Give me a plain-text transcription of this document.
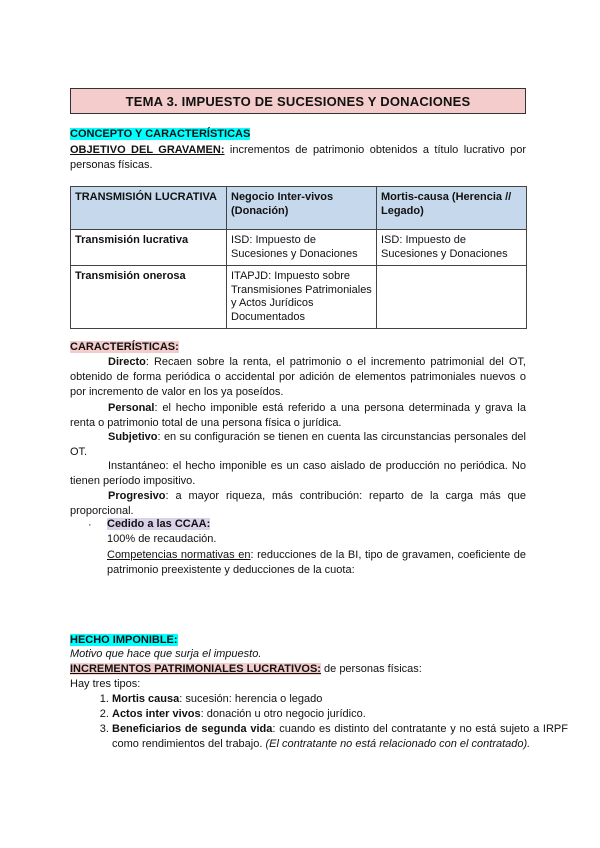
TEMA 3. IMPUESTO DE SUCESIONES Y DONACIONES
CONCEPTO Y CARACTERÍSTICAS
OBJETIVO DEL GRAVAMEN: incrementos de patrimonio obtenidos a título lucrativo por personas físicas.
TRANSMISIÓN LUCRATIVA	Negocio Inter-vivos (Donación)	Mortis-causa (Herencia // Legado)
Transmisión lucrativa	ISD: Impuesto de Sucesiones y Donaciones	ISD: Impuesto de Sucesiones y Donaciones
Transmisión onerosa	ITAPJD: Impuesto sobre Transmisiones Patrimoniales y Actos Jurídicos Documentados	
CARACTERÍSTICAS:
Directo: Recaen sobre la renta, el patrimonio o el incremento patrimonial del OT, obtenido de forma periódica o accidental por adición de elementos patrimoniales nuevos o por incremento de valor en los ya poseídos.
Personal: el hecho imponible está referido a una persona determinada y grava la renta o patrimonio total de una persona física o jurídica.
Subjetivo: en su configuración se tienen en cuenta las circunstancias personales del OT.
Instantáneo: el hecho imponible es un caso aislado de producción no periódica. No tienen período impositivo.
Progresivo: a mayor riqueza, más contribución: reparto de la carga más que proporcional.
· Cedido a las CCAA:
100% de recaudación.
Competencias normativas en: reducciones de la BI, tipo de gravamen, coeficiente de patrimonio preexistente y deducciones de la cuota:
HECHO IMPONIBLE:
Motivo que hace que surja el impuesto.
INCREMENTOS PATRIMONIALES LUCRATIVOS: de personas físicas:
Hay tres tipos:
1. Mortis causa: sucesión: herencia o legado
2. Actos inter vivos: donación u otro negocio jurídico.
3. Beneficiarios de segunda vida: cuando es distinto del contratante y no está sujeto a IRPF como rendimientos del trabajo. (El contratante no está relacionado con el contratado).
